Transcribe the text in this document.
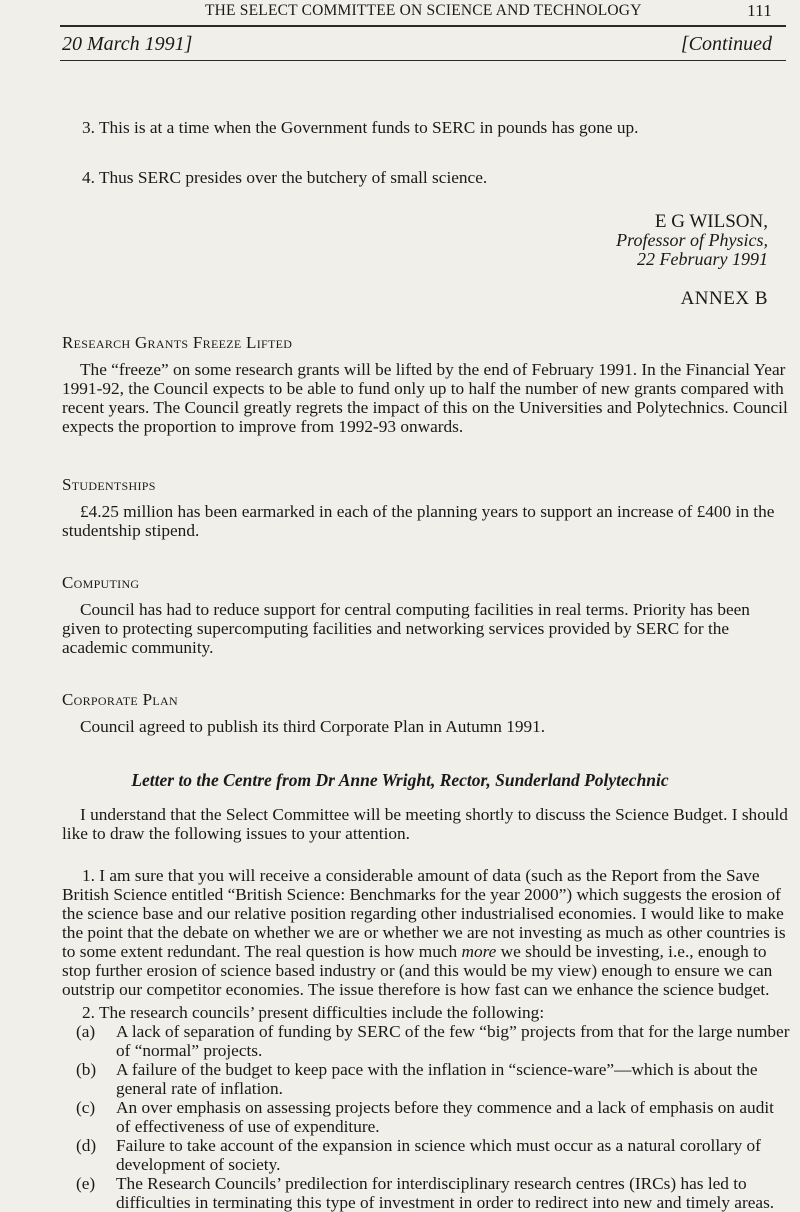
THE SELECT COMMITTEE ON SCIENCE AND TECHNOLOGY	111
20 March 1991]	[Continued

3. This is at a time when the Government funds to SERC in pounds has gone up.

4. Thus SERC presides over the butchery of small science.

E G WILSON,
Professor of Physics,
22 February 1991
ANNEX B
Research Grants Freeze Lifted

The “freeze” on some research grants will be lifted by the end of February 1991. In the Financial Year 1991-92, the Council expects to be able to fund only up to half the number of new grants compared with recent years. The Council greatly regrets the impact of this on the Universities and Polytechnics. Council expects the proportion to improve from 1992-93 onwards.

Studentships

£4.25 million has been earmarked in each of the planning years to support an increase of £400 in the studentship stipend.

Computing

Council has had to reduce support for central computing facilities in real terms. Priority has been given to protecting supercomputing facilities and networking services provided by SERC for the academic community.

Corporate Plan

Council agreed to publish its third Corporate Plan in Autumn 1991.

Letter to the Centre from Dr Anne Wright, Rector, Sunderland Polytechnic

I understand that the Select Committee will be meeting shortly to discuss the Science Budget. I should like to draw the following issues to your attention.

1. I am sure that you will receive a considerable amount of data (such as the Report from the Save British Science entitled “British Science: Benchmarks for the year 2000”) which suggests the erosion of the science base and our relative position regarding other industrialised economies. I would like to make the point that the debate on whether we are or whether we are not investing as much as other countries is to some extent redundant. The real question is how much more we should be investing, i.e., enough to stop further erosion of science based industry or (and this would be my view) enough to ensure we can outstrip our competitor economies. The issue therefore is how fast can we enhance the science budget.

2. The research councils’ present difficulties include the following:

(a) A lack of separation of funding by SERC of the few “big” projects from that for the large number of “normal” projects.
(b) A failure of the budget to keep pace with the inflation in “science-ware”—which is about the general rate of inflation.
(c) An over emphasis on assessing projects before they commence and a lack of emphasis on audit of effectiveness of use of expenditure.
(d) Failure to take account of the expansion in science which must occur as a natural corollary of development of society.
(e) The Research Councils’ predilection for interdisciplinary research centres (IRCs) has led to difficulties in terminating this type of investment in order to redirect into new and timely areas.
